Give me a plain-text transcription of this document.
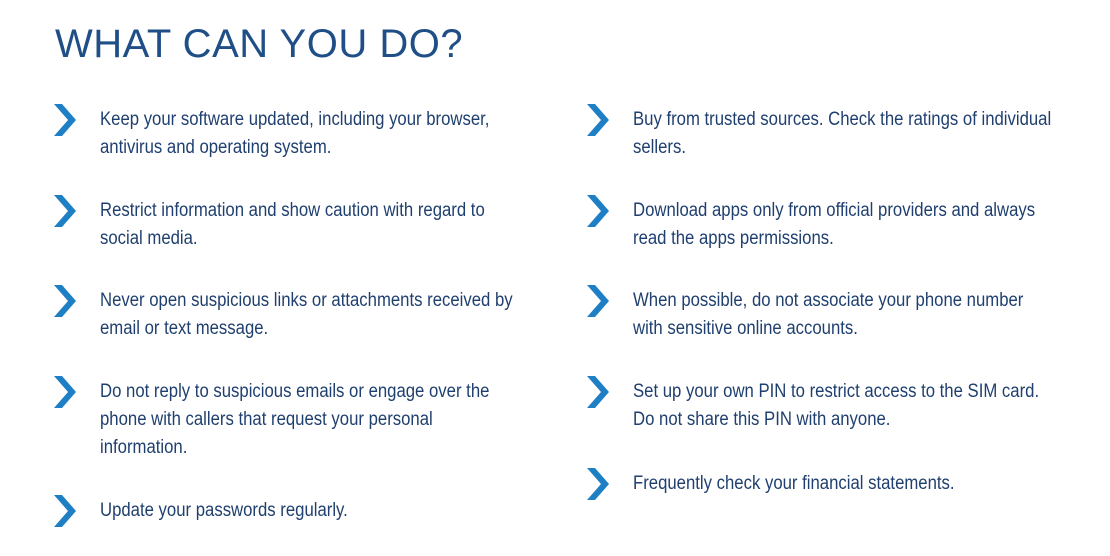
WHAT CAN YOU DO?
Keep your software updated, including your browser, antivirus and operating system.
Restrict information and show caution with regard to social media.
Never open suspicious links or attachments received by email or text message.
Do not reply to suspicious emails or engage over the phone with callers that request your personal information.
Update your passwords regularly.
Buy from trusted sources. Check the ratings of individual sellers.
Download apps only from official providers and always read the apps permissions.
When possible, do not associate your phone number with sensitive online accounts.
Set up your own PIN to restrict access to the SIM card. Do not share this PIN with anyone.
Frequently check your financial statements.
